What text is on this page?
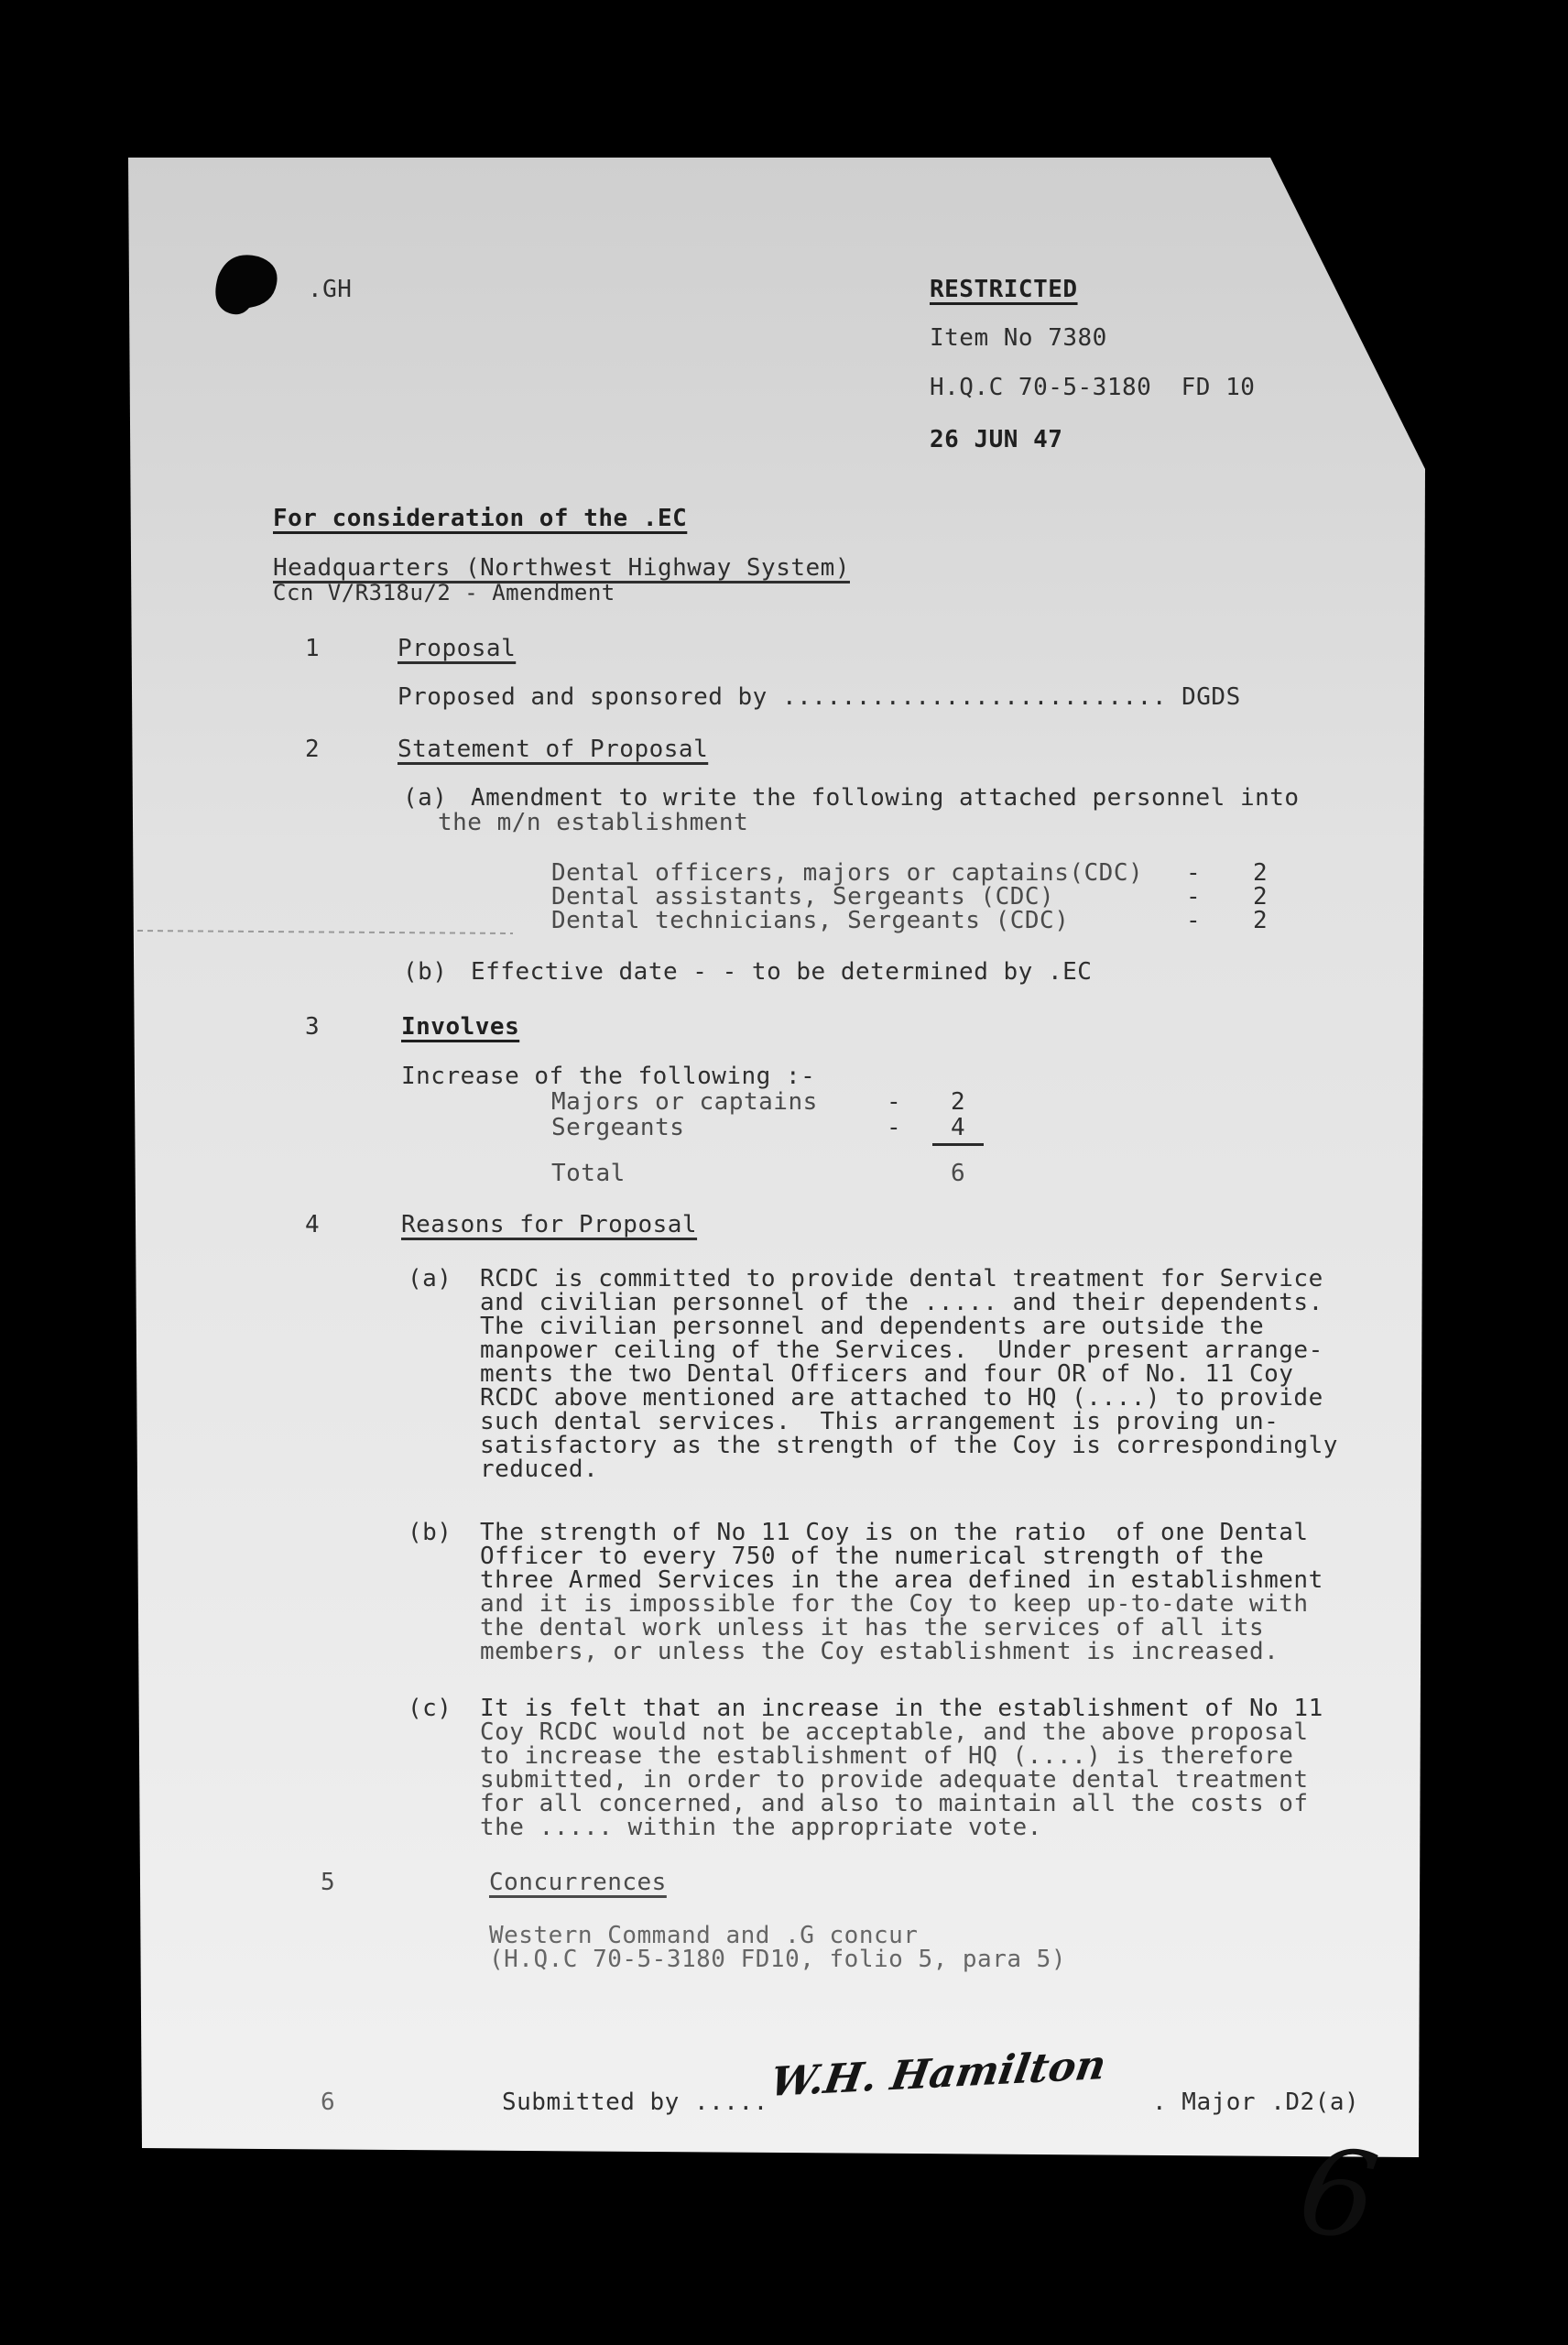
.GH	RESTRICTED

Item No 7380

H.Q.C 70-5-3180  FD 10

26 JUN 47

For consideration of the .EC

Headquarters (Northwest Highway System)

Ccn V/R318u/2 - Amendment

1	Proposal

Proposed and sponsored by .......................... DGDS

2	Statement of Proposal

(a) Amendment to write the following attached personnel into

the m/n establishment

Dental officers, majors or captains(CDC) - 2

Dental assistants, Sergeants (CDC)	- 2

Dental technicians, Sergeants (CDC)	- 2

(b) Effective date - - to be determined by .EC

3	Involves

Increase of the following :-

Majors or captains	- 2

Sergeants	- 4

Total	6

4	Reasons for Proposal

(a) RCDC is committed to provide dental treatment for Service

and civilian personnel of the ..... and their dependents.

The civilian personnel and dependents are outside the

manpower ceiling of the Services.  Under present arrange-

ments the two Dental Officers and four OR of No. 11 Coy

RCDC above mentioned are attached to HQ (....) to provide

such dental services.  This arrangement is proving un-

satisfactory as the strength of the Coy is correspondingly

reduced.

(b) The strength of No 11 Coy is on the ratio  of one Dental

Officer to every 750 of the numerical strength of the

three Armed Services in the area defined in establishment

and it is impossible for the Coy to keep up-to-date with

the dental work unless it has the services of all its

members, or unless the Coy establishment is increased.

(c) It is felt that an increase in the establishment of No 11

Coy RCDC would not be acceptable, and the above proposal

to increase the establishment of HQ (....) is therefore

submitted, in order to provide adequate dental treatment

for all concerned, and also to maintain all the costs of

the ..... within the appropriate vote.

5	Concurrences

Western Command and .G concur

(H.Q.C 70-5-3180 FD10, folio 5, para 5)

6	Submitted by .....

W.H. Hamilton . Major .D2(a)

6
